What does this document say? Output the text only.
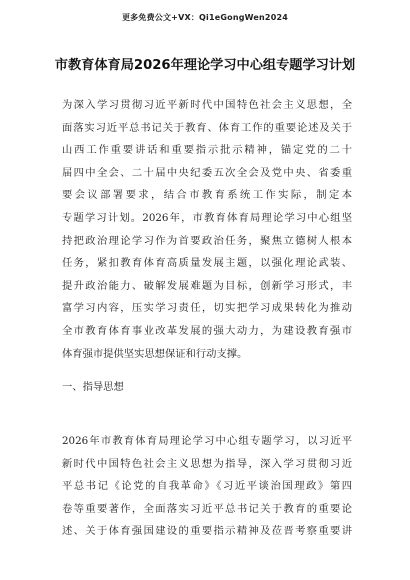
更多免费公文+VX：Qi1eGongWen2024
市教育体育局2026年理论学习中心组专题学习计划
为深入学习贯彻习近平新时代中国特色社会主义思想，全
面落实习近平总书记关于教育、体育工作的重要论述及关于
山西工作重要讲话和重要指示批示精神，锚定党的二十
届四中全会、二十届中央纪委五次全会及党中央、省委重
要会议部署要求，结合市教育系统工作实际，制定本
专题学习计划。2026年，市教育体育局理论学习中心组坚
持把政治理论学习作为首要政治任务，聚焦立德树人根本
任务，紧扣教育体育高质量发展主题，以强化理论武装、
提升政治能力、破解发展难题为目标，创新学习形式，丰
富学习内容，压实学习责任，切实把学习成果转化为推动
全市教育体育事业改革发展的强大动力，为建设教育强市
体育强市提供坚实思想保证和行动支撑。
一、指导思想
2026年市教育体育局理论学习中心组专题学习，以习近平
新时代中国特色社会主义思想为指导，深入学习贯彻习近
平总书记《论党的自我革命》《习近平谈治国理政》第四
卷等重要著作，全面落实习近平总书记关于教育的重要论
述、关于体育强国建设的重要指示精神及莅晋考察重要讲
